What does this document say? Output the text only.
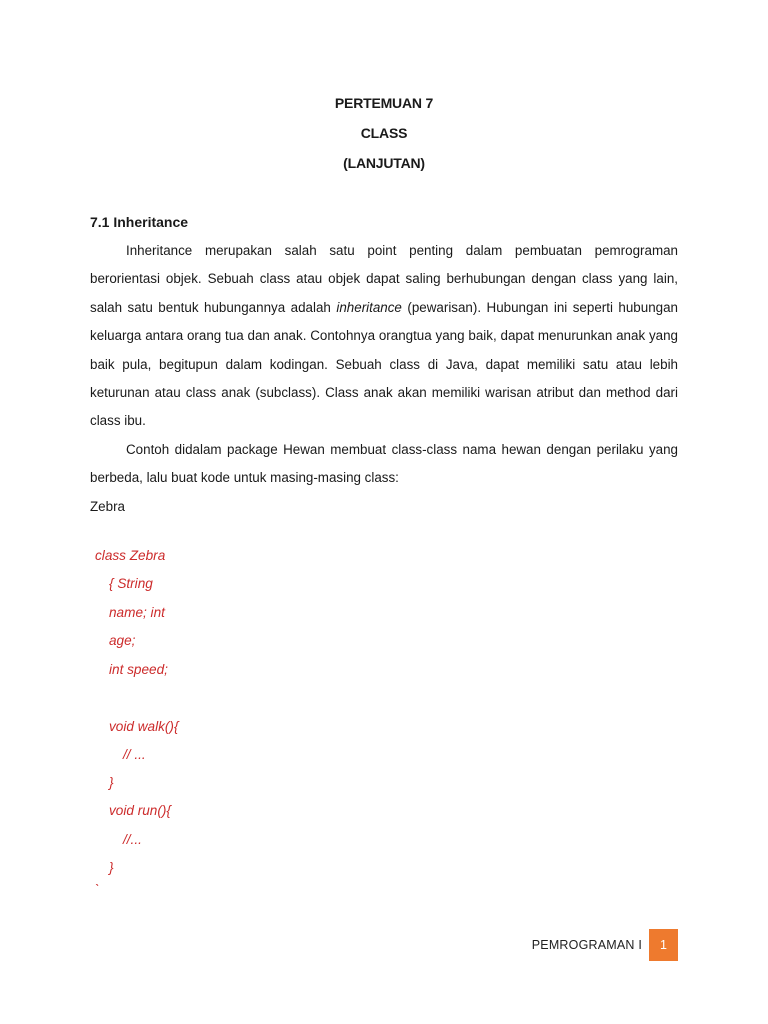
PERTEMUAN 7
CLASS
(LANJUTAN)
7.1 Inheritance

Inheritance merupakan salah satu point penting dalam pembuatan pemrograman berorientasi objek. Sebuah class atau objek dapat saling berhubungan dengan class yang lain, salah satu bentuk hubungannya adalah inheritance (pewarisan). Hubungan ini seperti hubungan keluarga antara orang tua dan anak. Contohnya orangtua yang baik, dapat menurunkan anak yang baik pula, begitupun dalam kodingan. Sebuah class di Java, dapat memiliki satu atau lebih keturunan atau class anak (subclass). Class anak akan memiliki warisan atribut dan method dari class ibu.

Contoh didalam package Hewan membuat class-class nama hewan dengan perilaku yang berbeda, lalu buat kode untuk masing-masing class:

Zebra
class Zebra
{ String
name; int
age;
int speed;
void walk(){
// ...
}
void run(){
//...
}
`
PEMROGRAMAN I	1
